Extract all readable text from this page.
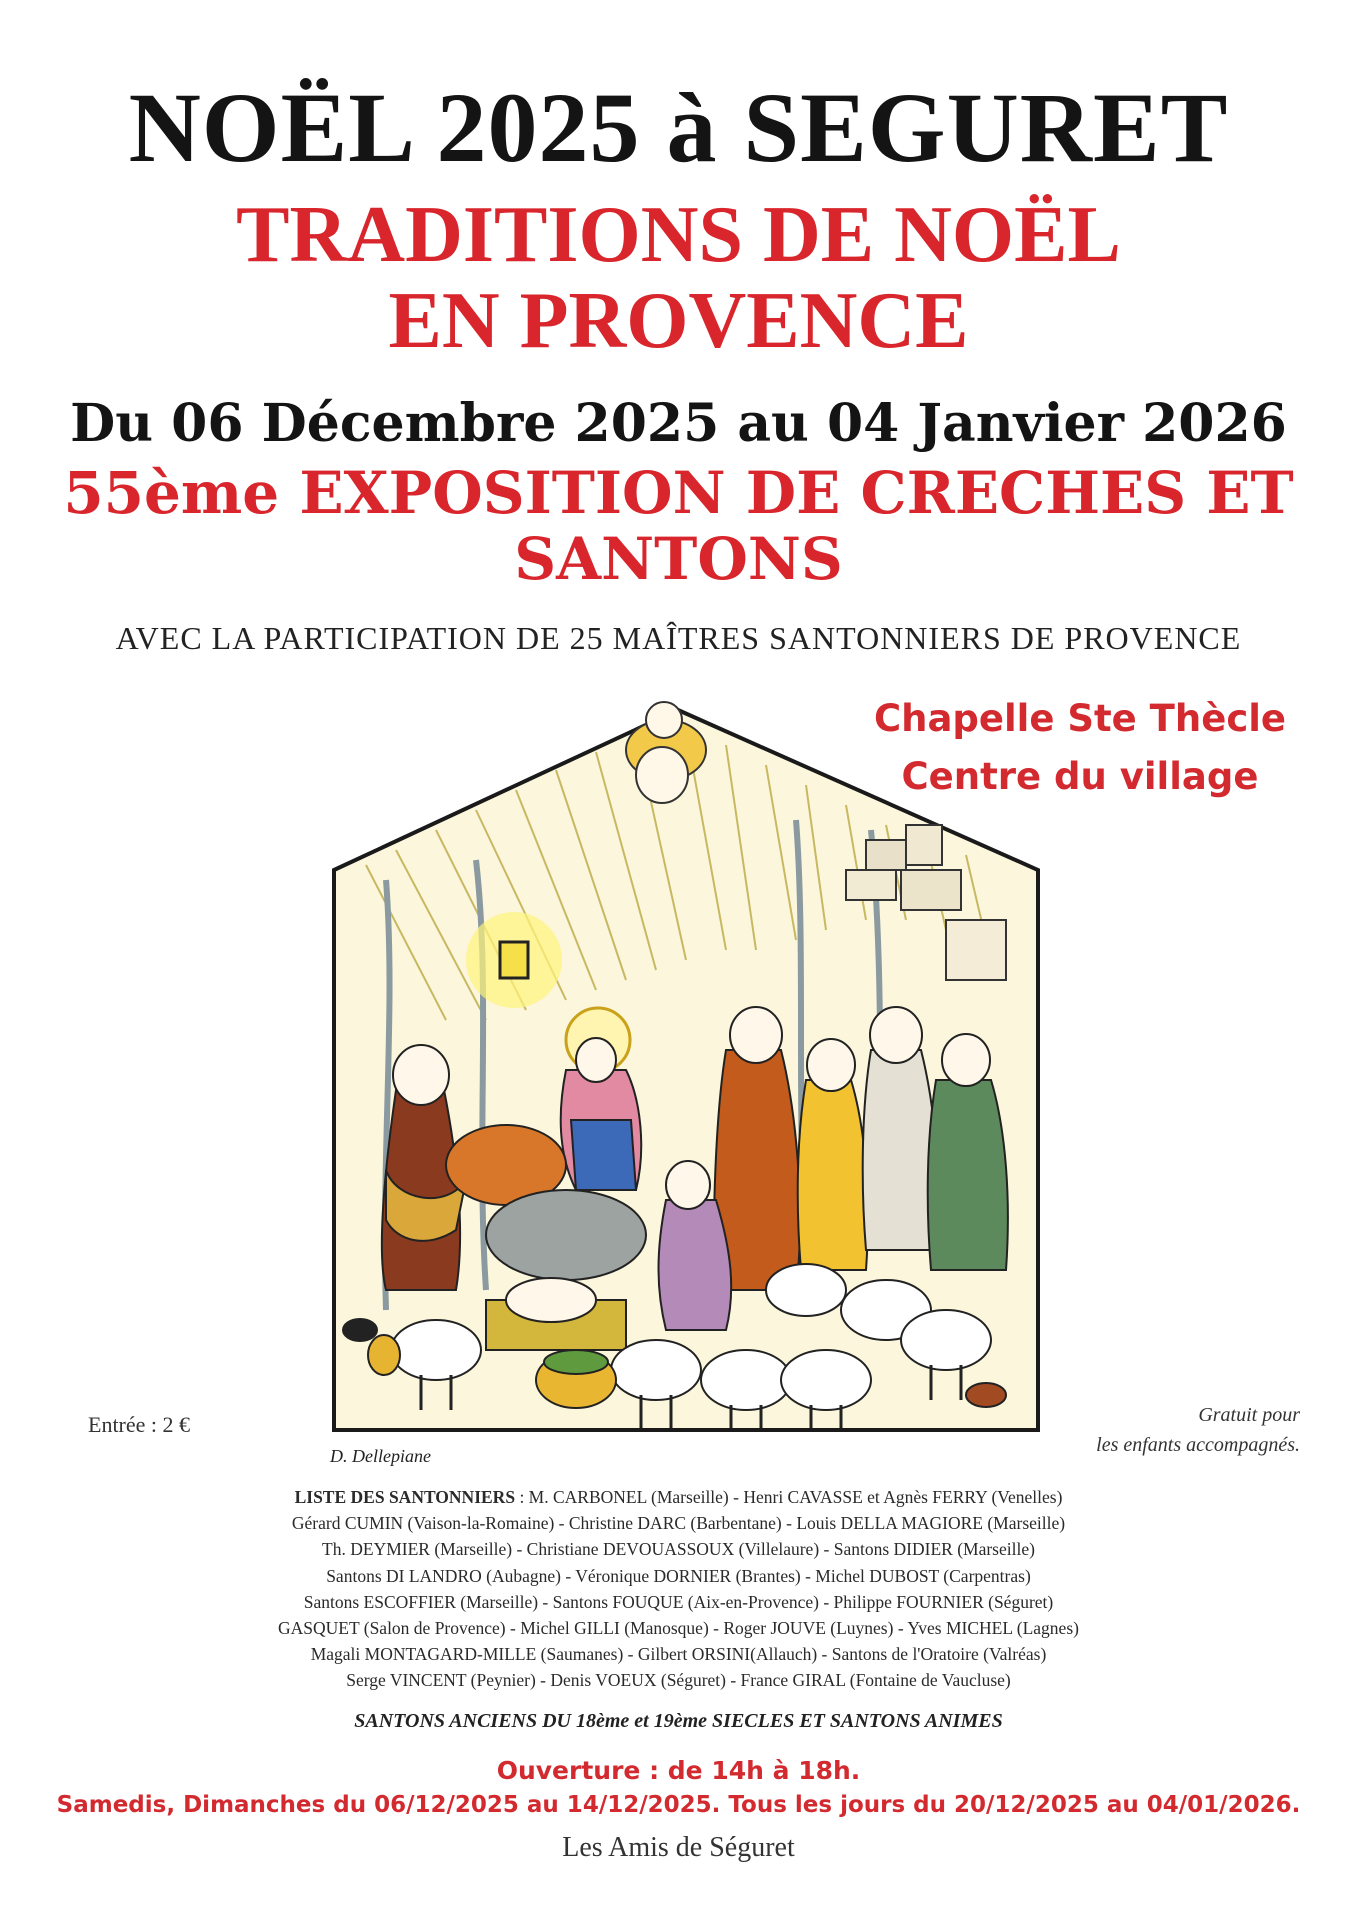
NOËL 2025 à SEGURET
TRADITIONS DE NOËL
EN PROVENCE
Du 06 Décembre 2025 au 04 Janvier 2026
55ème EXPOSITION DE CRECHES ET
SANTONS
AVEC LA PARTICIPATION DE 25 MAÎTRES SANTONNIERS DE PROVENCE
Chapelle Ste Thècle
Centre du village
Entrée : 2 €	Gratuit pour
les enfants accompagnés.
D. Dellepiane
LISTE DES SANTONNIERS : M. CARBONEL (Marseille) - Henri CAVASSE et Agnès FERRY (Venelles)
Gérard CUMIN (Vaison-la-Romaine) - Christine DARC (Barbentane) - Louis DELLA MAGIORE (Marseille)
Th. DEYMIER (Marseille) - Christiane DEVOUASSOUX (Villelaure) - Santons DIDIER (Marseille)
Santons DI LANDRO (Aubagne) - Véronique DORNIER (Brantes) - Michel DUBOST (Carpentras)
Santons ESCOFFIER (Marseille) - Santons FOUQUE (Aix-en-Provence) - Philippe FOURNIER (Séguret)
GASQUET (Salon de Provence) - Michel GILLI (Manosque) - Roger JOUVE (Luynes) - Yves MICHEL (Lagnes)
Magali MONTAGARD-MILLE (Saumanes) - Gilbert ORSINI(Allauch) - Santons de l'Oratoire (Valréas)
Serge VINCENT (Peynier) - Denis VOEUX (Séguret) - France GIRAL (Fontaine de Vaucluse)
SANTONS ANCIENS DU 18ème et 19ème SIECLES ET SANTONS ANIMES
Ouverture : de 14h à 18h.
Samedis, Dimanches du 06/12/2025 au 14/12/2025. Tous les jours du 20/12/2025 au 04/01/2026.
Les Amis de Séguret
